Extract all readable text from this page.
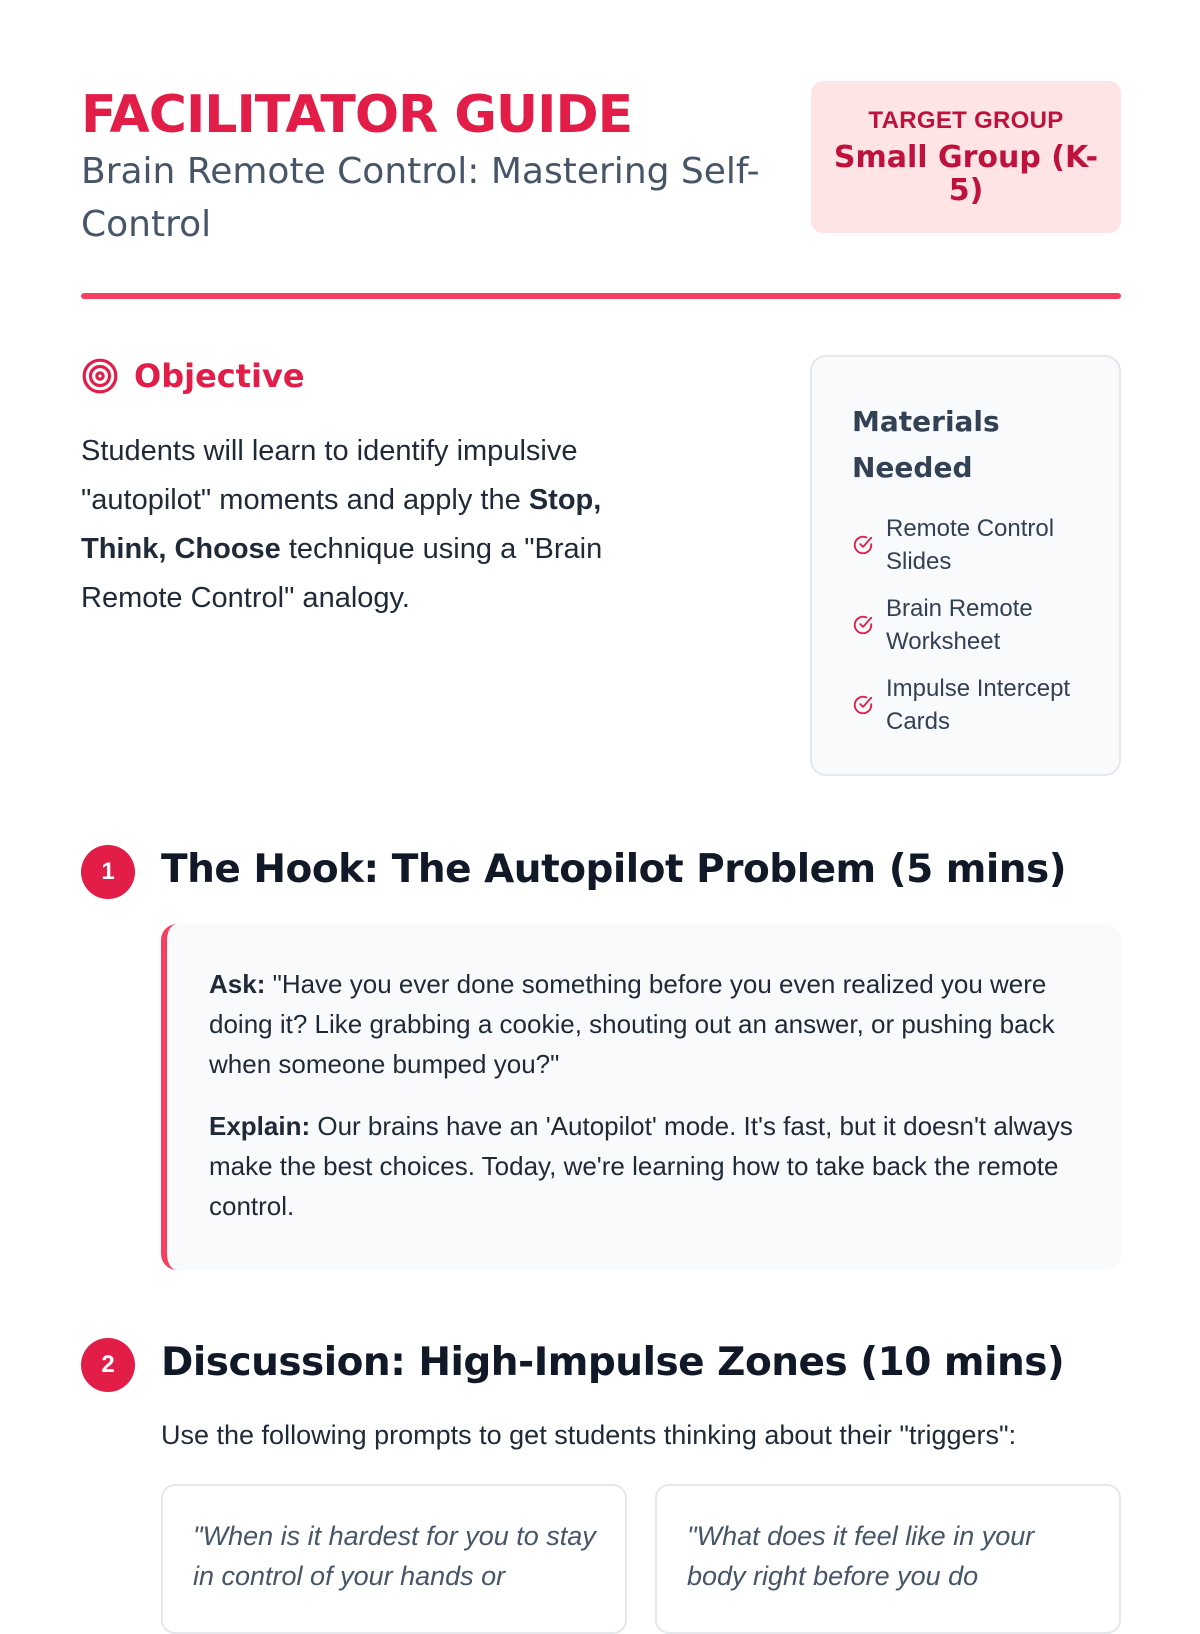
FACILITATOR GUIDE
Brain Remote Control: Mastering Self-Control
TARGET GROUP
Small Group (K-5)
Objective

Students will learn to identify impulsive "autopilot" moments and apply the Stop, Think, Choose technique using a "Brain Remote Control" analogy.

Materials Needed
Remote Control Slides
Brain Remote Worksheet
Impulse Intercept Cards
1	The Hook: The Autopilot Problem (5 mins)

Ask: "Have you ever done something before you even realized you were doing it? Like grabbing a cookie, shouting out an answer, or pushing back when someone bumped you?"

Explain: Our brains have an 'Autopilot' mode. It's fast, but it doesn't always make the best choices. Today, we're learning how to take back the remote control.

2	Discussion: High-Impulse Zones (10 mins)

Use the following prompts to get students thinking about their "triggers":

"When is it hardest for you to stay in control of your hands or

"What does it feel like in your body right before you do
